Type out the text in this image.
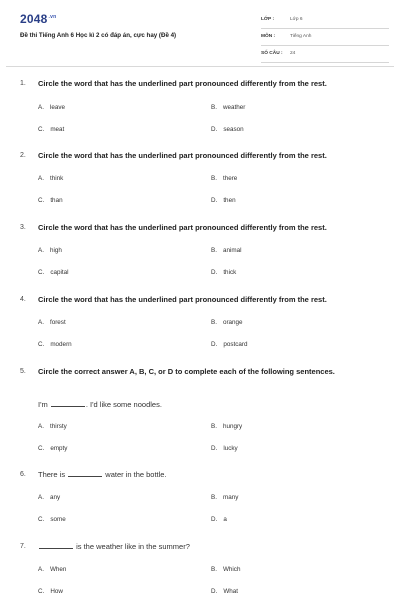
$2048^{.vn}$
Đề thi Tiếng Anh 6 Học kì 2 có đáp án, cực hay (Đề 4)
LỚP :	Lớp 6
MÔN :	Tiếng Anh
SỐ CÂU : 24
1. Circle the word that has the underlined part pronounced differently from the rest.
A. leave	B. weather
C. meat	D. season
2. Circle the word that has the underlined part pronounced differently from the rest.
A. think	B. there
C. than	D. then
3. Circle the word that has the underlined part pronounced differently from the rest.
A. high	B. animal
C. capital	D. thick
4. Circle the word that has the underlined part pronounced differently from the rest.
A. forest	B. orange
C. modern	D. postcard
5. Circle the correct answer A, B, C, or D to complete each of the following sentences.
I'm	. I'd like some noodles.
A. thirsty	B. hungry
C. empty	D. lucky
6. There is	water in the bottle.
A. any	B. many
C. some	D. a
7.	is the weather like in the summer?
A. When	B. Which
C. How	D. What
